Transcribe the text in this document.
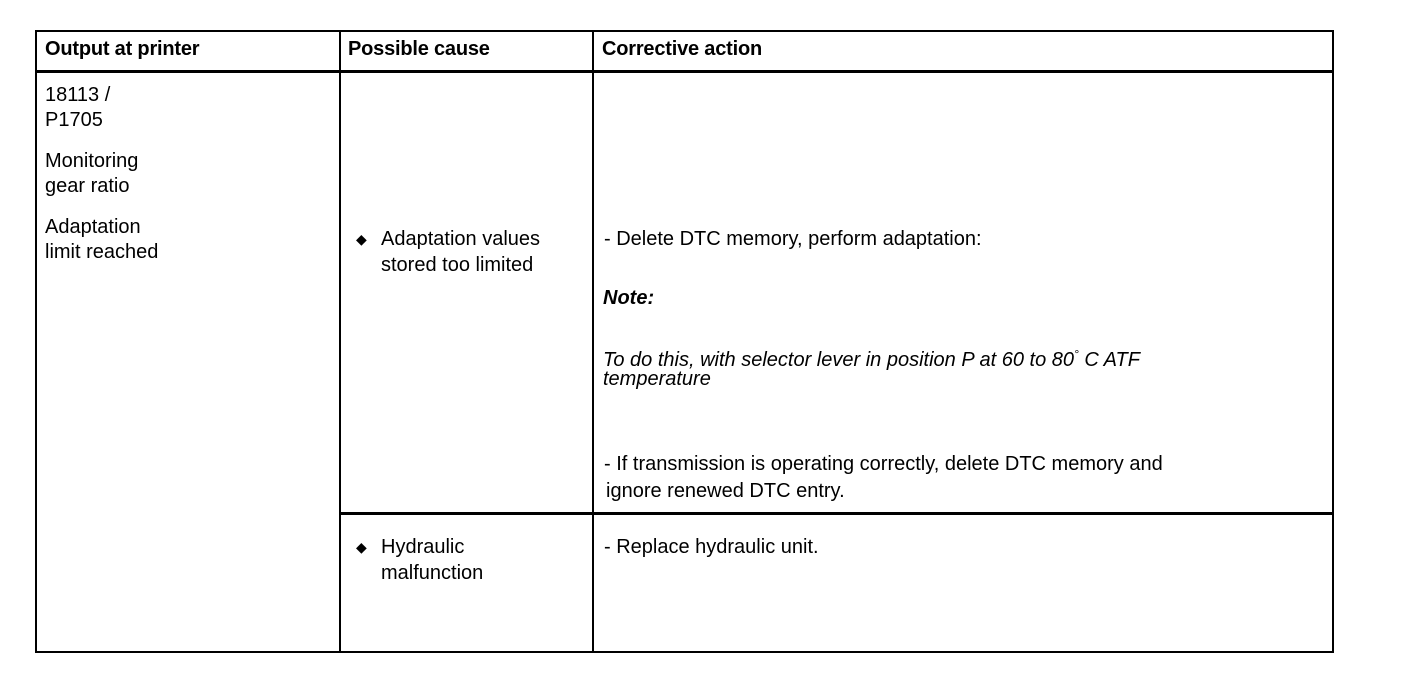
Output at printer	Possible cause	Corrective action
18113 /
P1705
Monitoring
gear ratio
Adaptation
limit reached
◆ Adaptation values
stored too limited
- Delete DTC memory, perform adaptation:
Note:
To do this, with selector lever in position P at 60 to 80° C ATF
temperature
- If transmission is operating correctly, delete DTC memory and
ignore renewed DTC entry.
◆ Hydraulic
malfunction
- Replace hydraulic unit.
